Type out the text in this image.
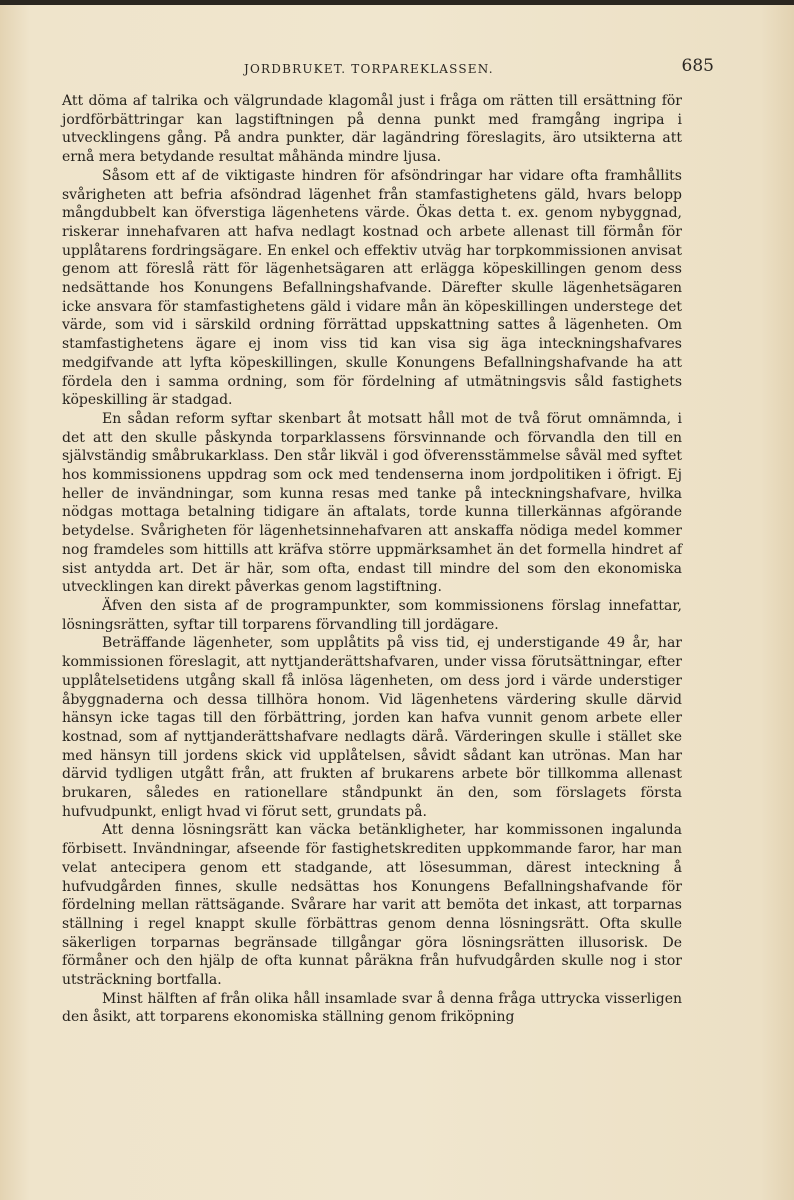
JORDBRUKET. TORPAREKLASSEN.	685

Att döma af talrika och välgrundade klagomål just i fråga om rätten till ersättning för jordförbättringar kan lagstiftningen på denna punkt med framgång ingripa i utvecklingens gång. På andra punkter, där lagändring föreslagits, äro utsikterna att ernå mera betydande resultat måhända mindre ljusa.

Såsom ett af de viktigaste hindren för afsöndringar har vidare ofta framhållits svårigheten att befria afsöndrad lägenhet från stamfastighetens gäld, hvars belopp mångdubbelt kan öfverstiga lägenhetens värde. Ökas detta t. ex. genom nybyggnad, riskerar innehafvaren att hafva nedlagt kostnad och arbete allenast till förmån för upplåtarens fordringsägare. En enkel och effektiv utväg har torpkommissionen anvisat genom att föreslå rätt för lägenhetsägaren att erlägga köpeskillingen genom dess nedsättande hos Konungens Befallningshafvande. Därefter skulle lägenhetsägaren icke ansvara för stamfastighetens gäld i vidare mån än köpeskillingen understege det värde, som vid i särskild ordning förrättad uppskattning sattes å lägenheten. Om stamfastighetens ägare ej inom viss tid kan visa sig äga inteckningshafvares medgifvande att lyfta köpeskillingen, skulle Konungens Befallningshafvande ha att fördela den i samma ordning, som för fördelning af utmätningsvis såld fastighets köpeskilling är stadgad.

En sådan reform syftar skenbart åt motsatt håll mot de två förut omnämnda, i det att den skulle påskynda torparklassens försvinnande och förvandla den till en självständig småbrukarklass. Den står likväl i god öfverensstämmelse såväl med syftet hos kommissionens uppdrag som ock med tendenserna inom jordpolitiken i öfrigt. Ej heller de invändningar, som kunna resas med tanke på inteckningshafvare, hvilka nödgas mottaga betalning tidigare än aftalats, torde kunna tillerkännas afgörande betydelse. Svårigheten för lägenhetsinnehafvaren att anskaffa nödiga medel kommer nog framdeles som hittills att kräfva större uppmärksamhet än det formella hindret af sist antydda art. Det är här, som ofta, endast till mindre del som den ekonomiska utvecklingen kan direkt påverkas genom lagstiftning.

Äfven den sista af de programpunkter, som kommissionens förslag innefattar, lösningsrätten, syftar till torparens förvandling till jordägare.

Beträffande lägenheter, som upplåtits på viss tid, ej understigande 49 år, har kommissionen föreslagit, att nyttjanderättshafvaren, under vissa förutsättningar, efter upplåtelsetidens utgång skall få inlösa lägenheten, om dess jord i värde understiger åbyggnaderna och dessa tillhöra honom. Vid lägenhetens värdering skulle därvid hänsyn icke tagas till den förbättring, jorden kan hafva vunnit genom arbete eller kostnad, som af nyttjanderättshafvare nedlagts därå. Värderingen skulle i stället ske med hänsyn till jordens skick vid upplåtelsen, såvidt sådant kan utrönas. Man har därvid tydligen utgått från, att frukten af brukarens arbete bör tillkomma allenast brukaren, således en rationellare ståndpunkt än den, som förslagets första hufvudpunkt, enligt hvad vi förut sett, grundats på.

Att denna lösningsrätt kan väcka betänkligheter, har kommissonen ingalunda förbisett. Invändningar, afseende för fastighetskrediten uppkommande faror, har man velat antecipera genom ett stadgande, att lösesumman, därest inteckning å hufvudgården finnes, skulle nedsättas hos Konungens Befallningshafvande för fördelning mellan rättsägande. Svårare har varit att bemöta det inkast, att torparnas ställning i regel knappt skulle förbättras genom denna lösningsrätt. Ofta skulle säkerligen torparnas begränsade tillgångar göra lösningsrätten illusorisk. De förmåner och den hjälp de ofta kunnat påräkna från hufvudgården skulle nog i stor utsträckning bortfalla.

Minst hälften af från olika håll insamlade svar å denna fråga uttrycka visserligen den åsikt, att torparens ekonomiska ställning genom friköpning
